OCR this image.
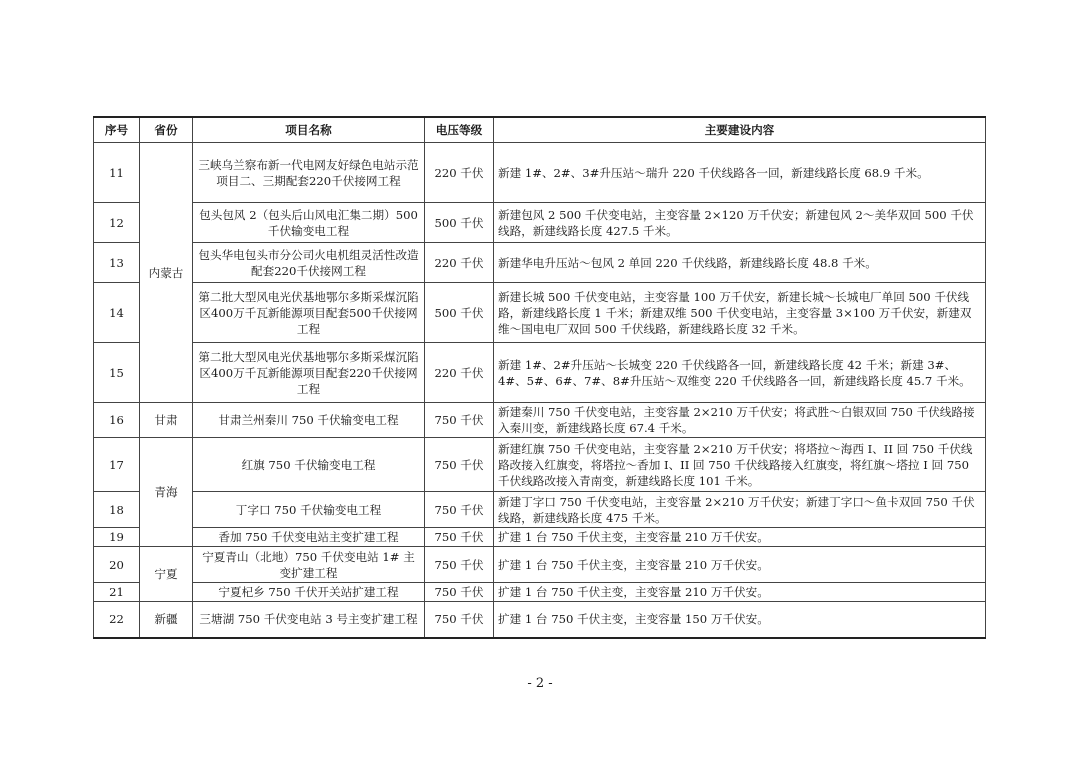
序号	省份	项目名称	电压等级	主要建设内容
11	内蒙古	三峡乌兰察布新一代电网友好绿色电站示范项目二、三期配套220千伏接网工程	220 千伏	新建 1#、2#、3#升压站～瑞升 220 千伏线路各一回，新建线路长度 68.9 千米。
12		包头包风 2（包头后山风电汇集二期）500 千伏输变电工程	500 千伏	新建包风 2 500 千伏变电站，主变容量 2×120 万千伏安；新建包风 2～美华双回 500 千伏线路，新建线路长度 427.5 千米。
13		包头华电包头市分公司火电机组灵活性改造配套220千伏接网工程	220 千伏	新建华电升压站～包风 2 单回 220 千伏线路，新建线路长度 48.8 千米。
14		第二批大型风电光伏基地鄂尔多斯采煤沉陷区400万千瓦新能源项目配套500千伏接网工程	500 千伏	新建长城 500 千伏变电站，主变容量 100 万千伏安，新建长城～长城电厂单回 500 千伏线路，新建线路长度 1 千米；新建双维 500 千伏变电站，主变容量 3×100 万千伏安，新建双维～国电电厂双回 500 千伏线路，新建线路长度 32 千米。
15		第二批大型风电光伏基地鄂尔多斯采煤沉陷区400万千瓦新能源项目配套220千伏接网工程	220 千伏	新建 1#、2#升压站～长城变 220 千伏线路各一回，新建线路长度 42 千米；新建 3#、4#、5#、6#、7#、8#升压站～双维变 220 千伏线路各一回，新建线路长度 45.7 千米。
16	甘肃	甘肃兰州秦川 750 千伏输变电工程	750 千伏	新建秦川 750 千伏变电站，主变容量 2×210 万千伏安；将武胜～白银双回 750 千伏线路接入秦川变，新建线路长度 67.4 千米。
17	青海	红旗 750 千伏输变电工程	750 千伏	新建红旗 750 千伏变电站，主变容量 2×210 万千伏安；将塔拉～海西 I、II 回 750 千伏线路改接入红旗变，将塔拉～香加 I、II 回 750 千伏线路接入红旗变，将红旗～塔拉 I 回 750 千伏线路改接入青南变，新建线路长度 101 千米。
18		丁字口 750 千伏输变电工程	750 千伏	新建丁字口 750 千伏变电站，主变容量 2×210 万千伏安；新建丁字口～鱼卡双回 750 千伏线路，新建线路长度 475 千米。
19		香加 750 千伏变电站主变扩建工程	750 千伏	扩建 1 台 750 千伏主变，主变容量 210 万千伏安。
20	宁夏	宁夏青山（北地）750 千伏变电站 1# 主变扩建工程	750 千伏	扩建 1 台 750 千伏主变，主变容量 210 万千伏安。
21		宁夏杞乡 750 千伏开关站扩建工程	750 千伏	扩建 1 台 750 千伏主变，主变容量 210 万千伏安。
22	新疆	三塘湖 750 千伏变电站 3 号主变扩建工程	750 千伏	扩建 1 台 750 千伏主变，主变容量 150 万千伏安。
- 2 -
